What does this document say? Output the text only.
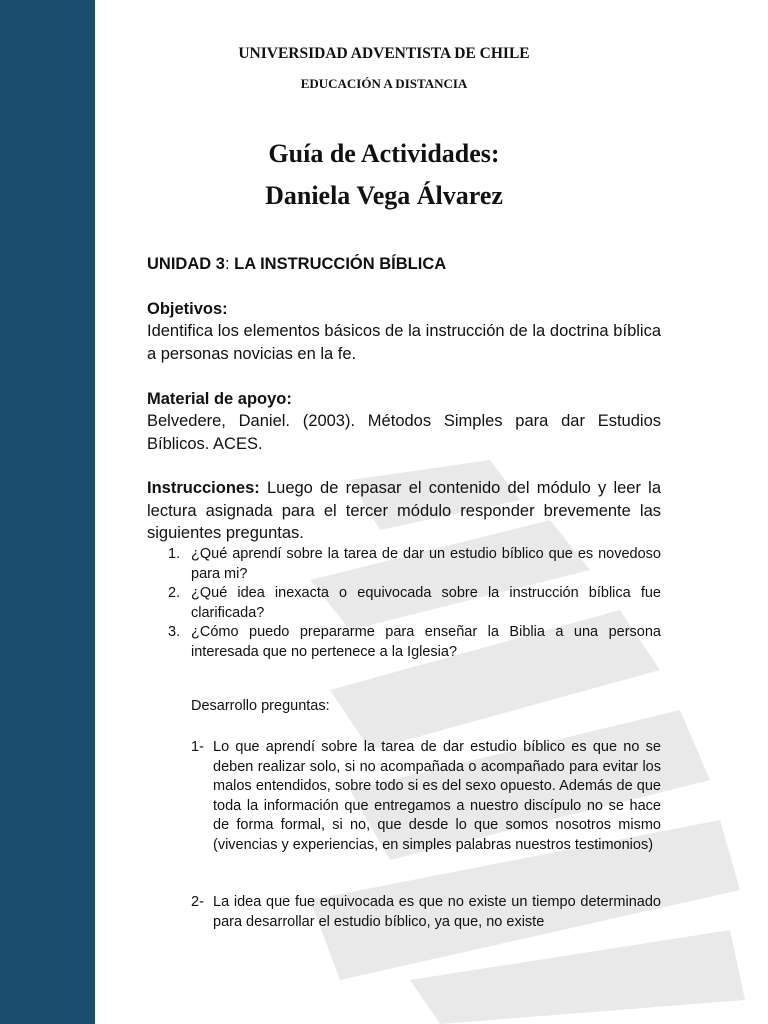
UNIVERSIDAD ADVENTISTA DE CHILE
EDUCACIÓN A DISTANCIA
Guía de Actividades:
Daniela Vega Álvarez
UNIDAD 3: LA INSTRUCCIÓN BÍBLICA
Objetivos:
Identifica los elementos básicos de la instrucción de la doctrina bíblica a personas novicias en la fe.
Material de apoyo:
Belvedere, Daniel. (2003). Métodos Simples para dar Estudios Bíblicos. ACES.
Instrucciones: Luego de repasar el contenido del módulo y leer la lectura asignada para el tercer módulo responder brevemente las siguientes preguntas.
1. ¿Qué aprendí sobre la tarea de dar un estudio bíblico que es novedoso para mi?
2. ¿Qué idea inexacta o equivocada sobre la instrucción bíblica fue clarificada?
3. ¿Cómo puedo prepararme para enseñar la Biblia a una persona interesada que no pertenece a la Iglesia?
Desarrollo preguntas:
1- Lo que aprendí sobre la tarea de dar estudio bíblico es que no se deben realizar solo, si no acompañada o acompañado para evitar los malos entendidos, sobre todo si es del sexo opuesto. Además de que toda la información que entregamos a nuestro discípulo no se hace de forma formal, si no, que desde lo que somos nosotros mismo (vivencias y experiencias, en simples palabras nuestros testimonios)
2- La idea que fue equivocada es que no existe un tiempo determinado para desarrollar el estudio bíblico, ya que, no existe
